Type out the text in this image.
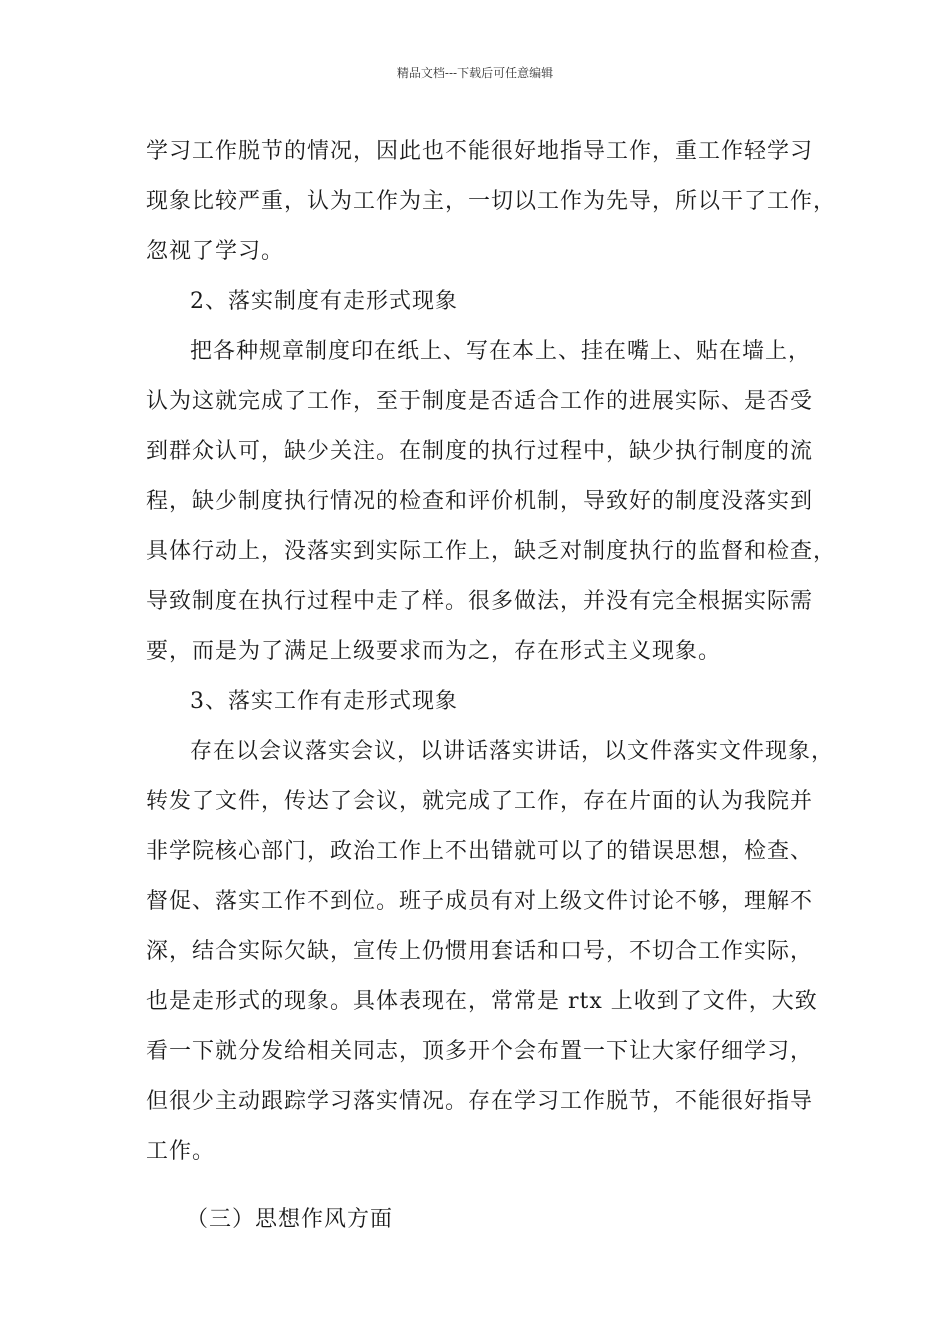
精品文档---下载后可任意编辑
学习工作脱节的情况，因此也不能很好地指导工作，重工作轻学习
现象比较严重，认为工作为主，一切以工作为先导，所以干了工作，
忽视了学习。
2、落实制度有走形式现象
把各种规章制度印在纸上、写在本上、挂在嘴上、贴在墙上，
认为这就完成了工作，至于制度是否适合工作的进展实际、是否受
到群众认可，缺少关注。在制度的执行过程中，缺少执行制度的流
程，缺少制度执行情况的检查和评价机制，导致好的制度没落实到
具体行动上，没落实到实际工作上，缺乏对制度执行的监督和检查，
导致制度在执行过程中走了样。很多做法，并没有完全根据实际需
要，而是为了满足上级要求而为之，存在形式主义现象。
3、落实工作有走形式现象
存在以会议落实会议，以讲话落实讲话，以文件落实文件现象，
转发了文件，传达了会议，就完成了工作，存在片面的认为我院并
非学院核心部门，政治工作上不出错就可以了的错误思想，检查、
督促、落实工作不到位。班子成员有对上级文件讨论不够，理解不
深，结合实际欠缺，宣传上仍惯用套话和口号，不切合工作实际，
也是走形式的现象。具体表现在，常常是 rtx 上收到了文件，大致
看一下就分发给相关同志，顶多开个会布置一下让大家仔细学习，
但很少主动跟踪学习落实情况。存在学习工作脱节，不能很好指导
工作。
（三）思想作风方面
